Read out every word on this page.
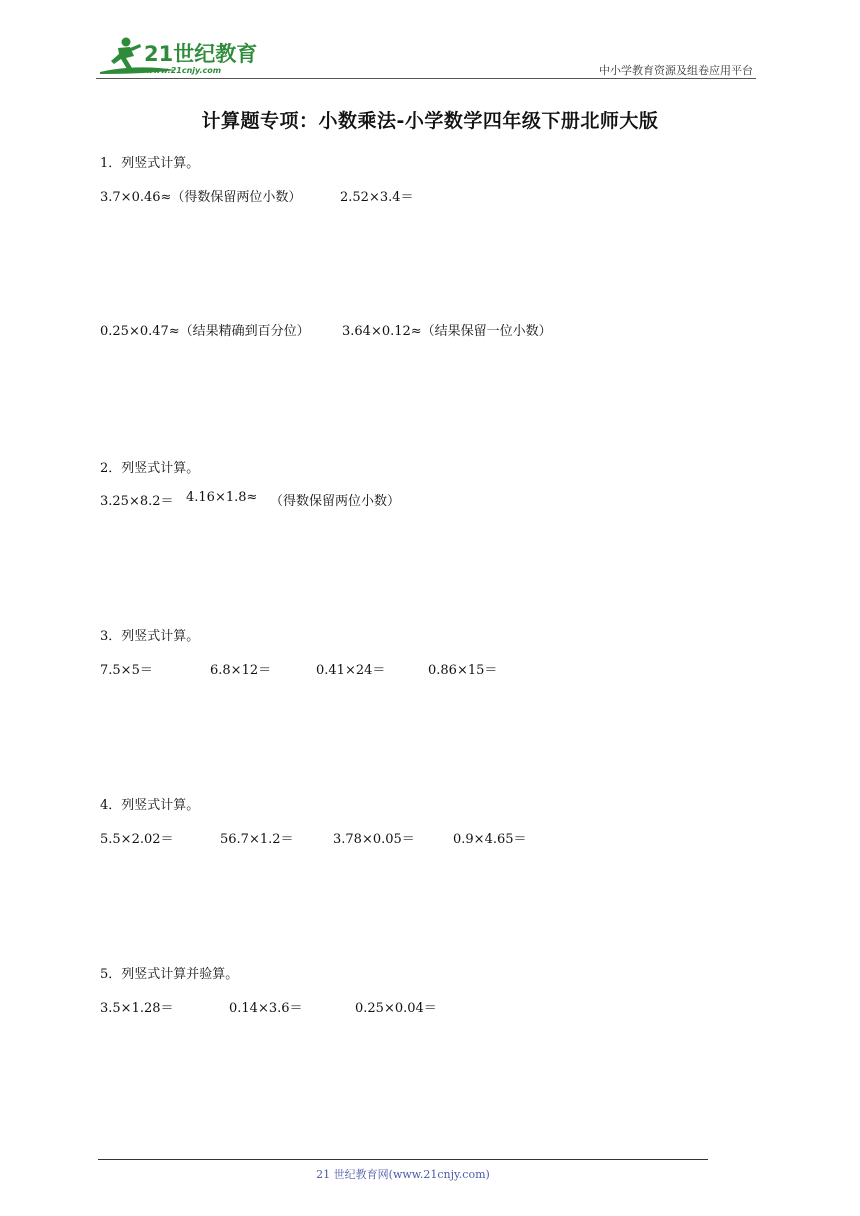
21世纪教育
www.21cnjy.com	中小学教育资源及组卷应用平台
计算题专项：小数乘法-小学数学四年级下册北师大版
1．列竖式计算。
3.7×0.46≈（得数保留两位小数）	2.52×3.4＝
0.25×0.47≈（结果精确到百分位） 3.64×0.12≈（结果保留一位小数）
2．列竖式计算。
3.25×8.2＝ 4.16×1.8≈ （得数保留两位小数）
3．列竖式计算。
7.5×5＝	6.8×12＝	0.41×24＝	0.86×15＝
4．列竖式计算。
5.5×2.02＝	56.7×1.2＝	3.78×0.05＝	0.9×4.65＝
5．列竖式计算并验算。
3.5×1.28＝	0.14×3.6＝	0.25×0.04＝
21 世纪教育网(www.21cnjy.com)
